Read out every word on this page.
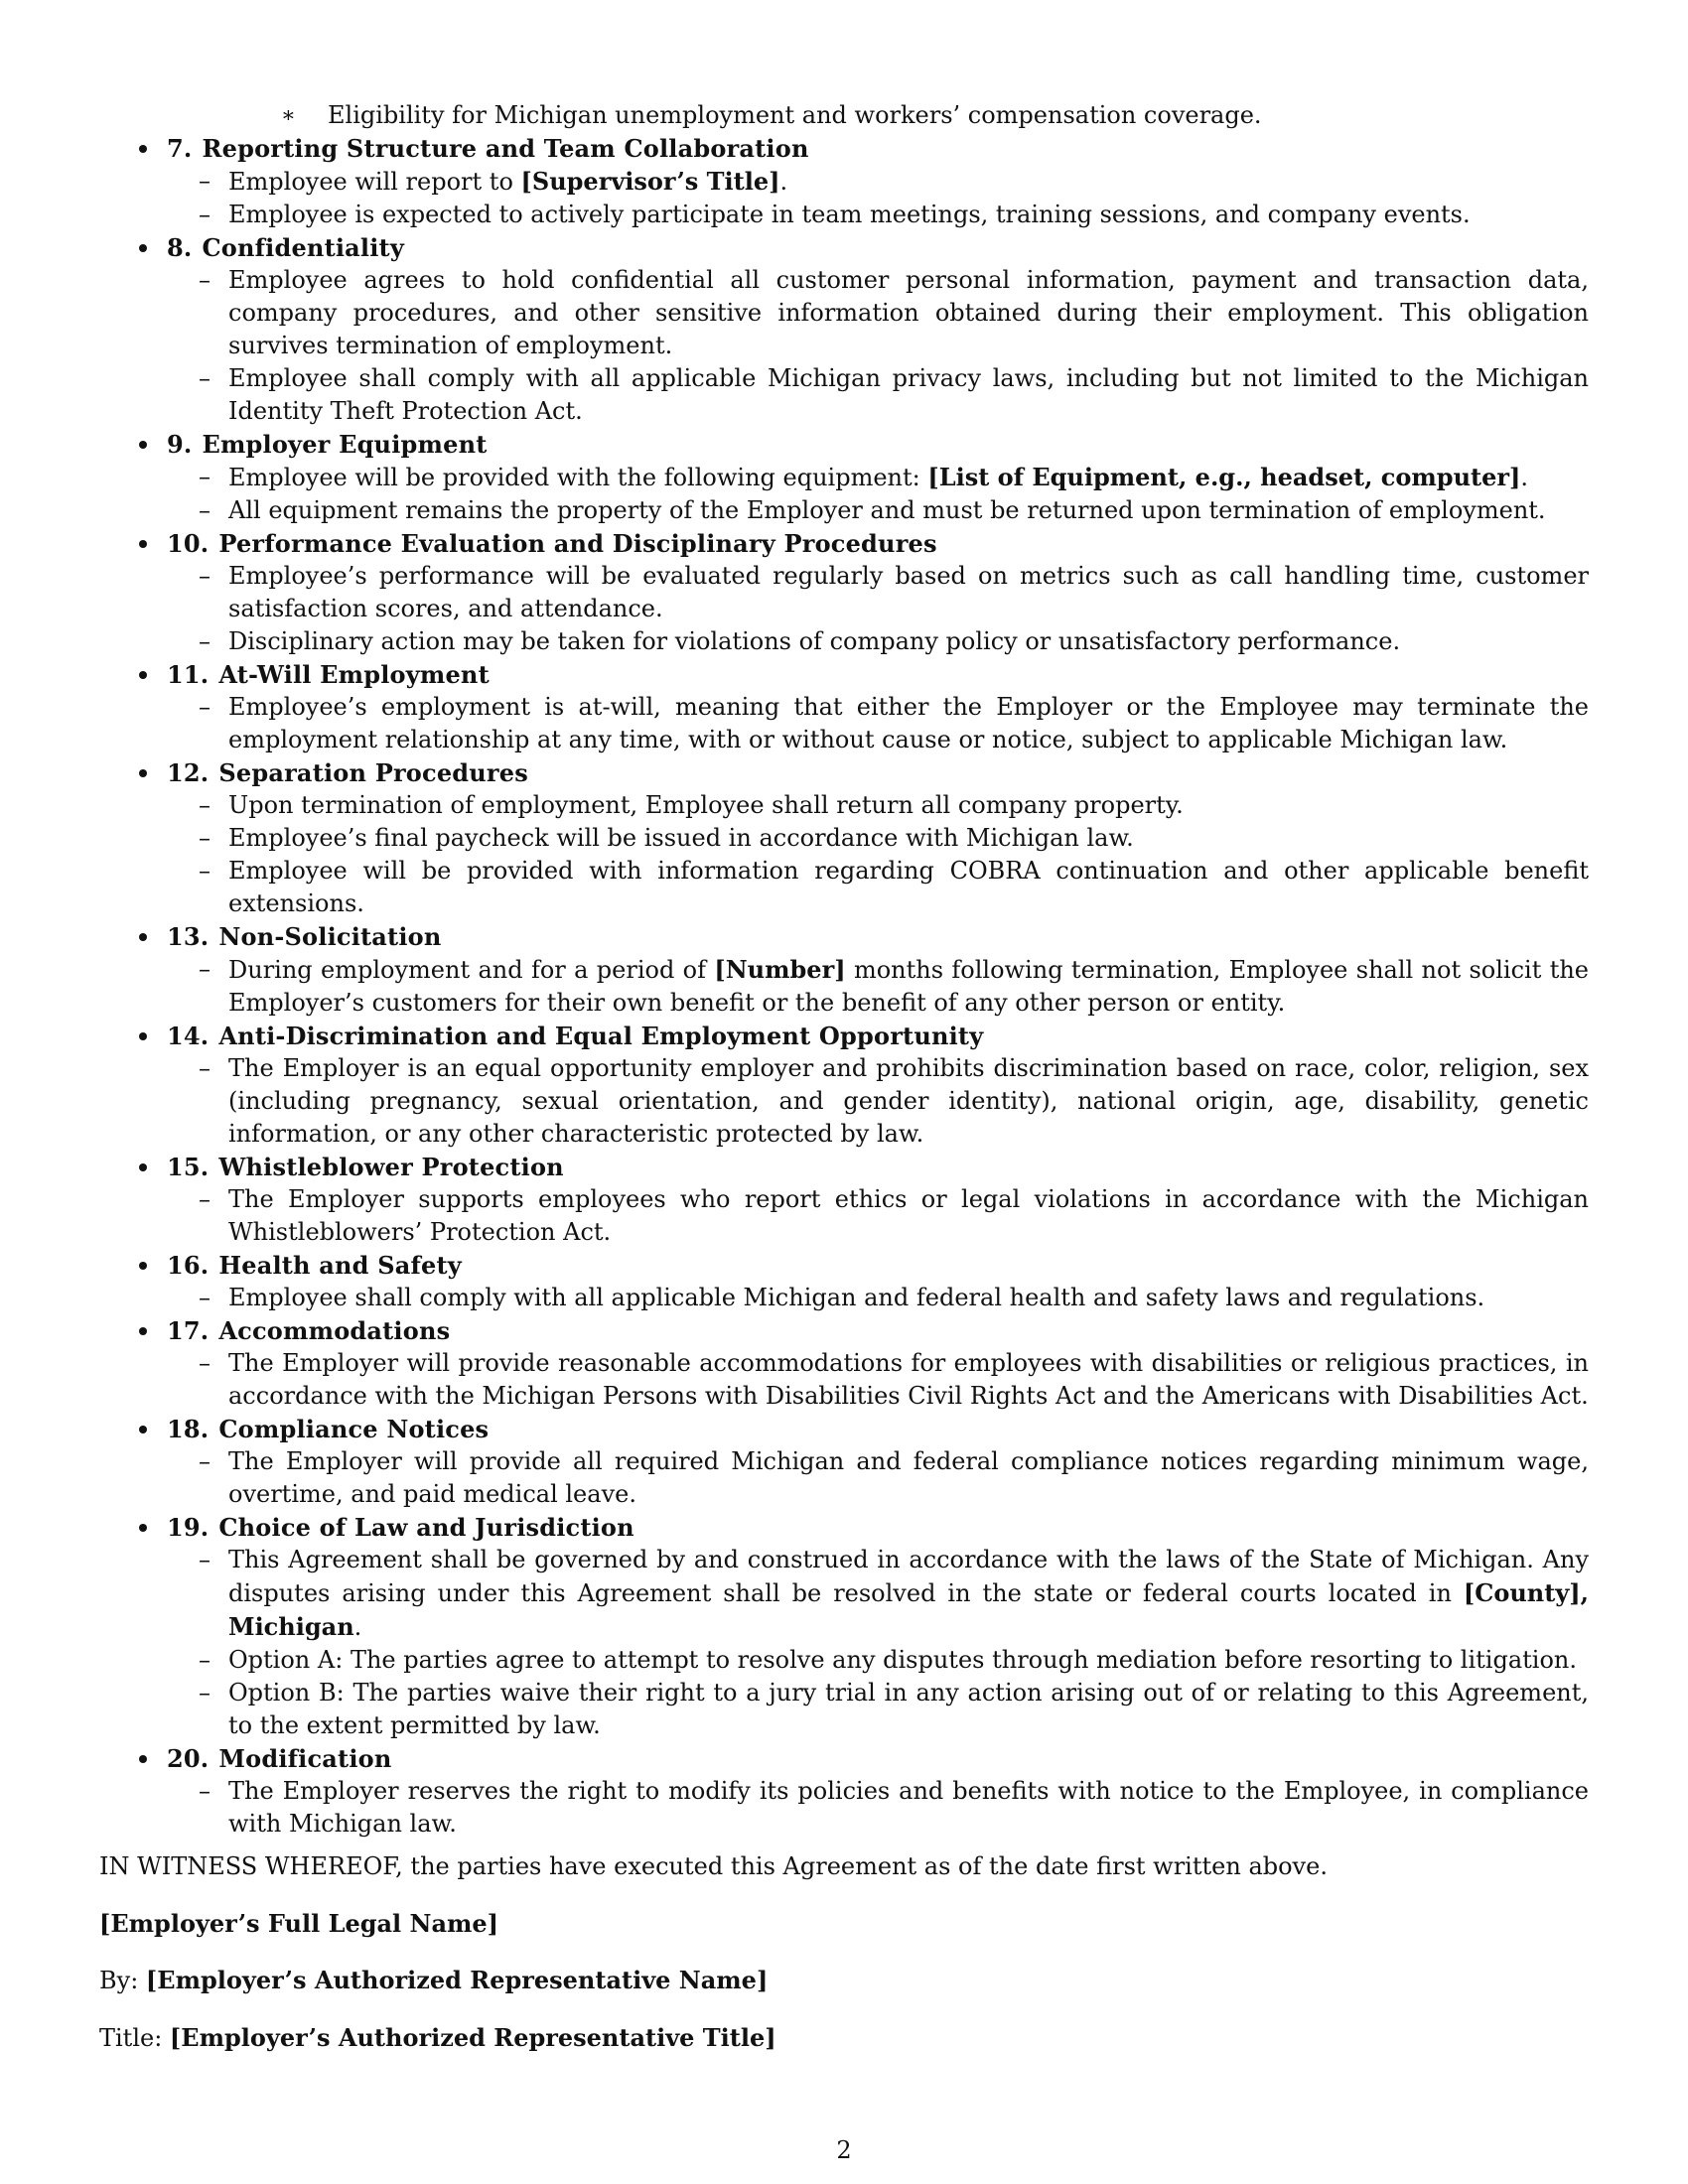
∗ Eligibility for Michigan unemployment and workers’ compensation coverage.
7. Reporting Structure and Team Collaboration
– Employee will report to [Supervisor’s Title].
– Employee is expected to actively participate in team meetings, training sessions, and company events.
8. Confidentiality
– Employee agrees to hold confidential all customer personal information, payment and transaction data, company procedures, and other sensitive information obtained during their employment. This obligation survives termination of employment.
– Employee shall comply with all applicable Michigan privacy laws, including but not limited to the Michigan Identity Theft Protection Act.
9. Employer Equipment
– Employee will be provided with the following equipment: [List of Equipment, e.g., headset, computer].
– All equipment remains the property of the Employer and must be returned upon termination of employment.
10. Performance Evaluation and Disciplinary Procedures
– Employee’s performance will be evaluated regularly based on metrics such as call handling time, customer satisfaction scores, and attendance.
– Disciplinary action may be taken for violations of company policy or unsatisfactory performance.
11. At-Will Employment
– Employee’s employment is at-will, meaning that either the Employer or the Employee may terminate the employment relationship at any time, with or without cause or notice, subject to applicable Michigan law.
12. Separation Procedures
– Upon termination of employment, Employee shall return all company property.
– Employee’s final paycheck will be issued in accordance with Michigan law.
– Employee will be provided with information regarding COBRA continuation and other applicable benefit extensions.
13. Non-Solicitation
– During employment and for a period of [Number] months following termination, Employee shall not solicit the Employer’s customers for their own benefit or the benefit of any other person or entity.
14. Anti-Discrimination and Equal Employment Opportunity
– The Employer is an equal opportunity employer and prohibits discrimination based on race, color, religion, sex (including pregnancy, sexual orientation, and gender identity), national origin, age, disability, genetic information, or any other characteristic protected by law.
15. Whistleblower Protection
– The Employer supports employees who report ethics or legal violations in accordance with the Michigan Whistleblowers’ Protection Act.
16. Health and Safety
– Employee shall comply with all applicable Michigan and federal health and safety laws and regulations.
17. Accommodations
– The Employer will provide reasonable accommodations for employees with disabilities or religious practices, in accordance with the Michigan Persons with Disabilities Civil Rights Act and the Americans with Disabilities Act.
18. Compliance Notices
– The Employer will provide all required Michigan and federal compliance notices regarding minimum wage, overtime, and paid medical leave.
19. Choice of Law and Jurisdiction
– This Agreement shall be governed by and construed in accordance with the laws of the State of Michigan. Any disputes arising under this Agreement shall be resolved in the state or federal courts located in [County], Michigan.
– Option A: The parties agree to attempt to resolve any disputes through mediation before resorting to litigation.
– Option B: The parties waive their right to a jury trial in any action arising out of or relating to this Agreement, to the extent permitted by law.
20. Modification
– The Employer reserves the right to modify its policies and benefits with notice to the Employee, in compliance with Michigan law.

IN WITNESS WHEREOF, the parties have executed this Agreement as of the date first written above.

[Employer’s Full Legal Name]

By: [Employer’s Authorized Representative Name]

Title: [Employer’s Authorized Representative Title]

2
